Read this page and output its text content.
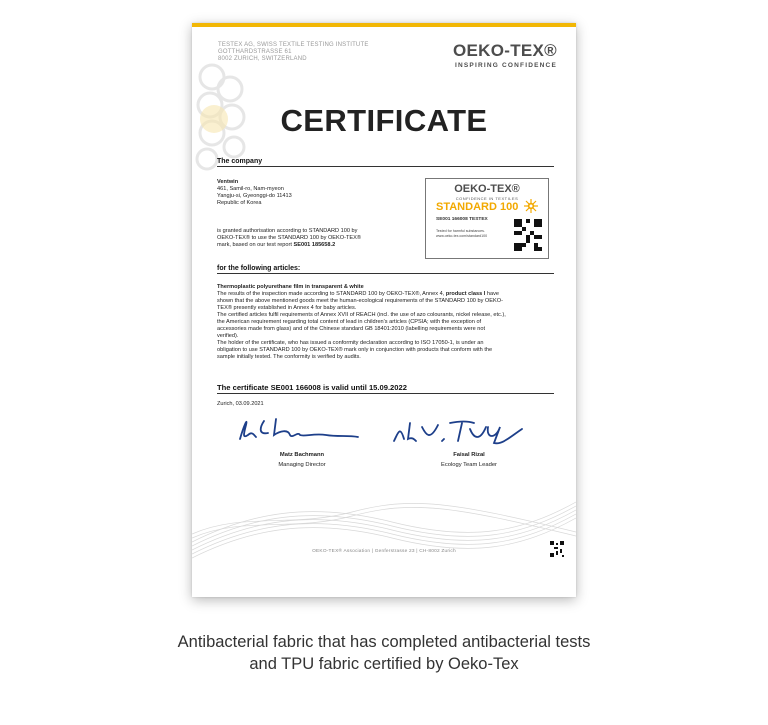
TESTEX AG, SWISS TEXTILE TESTING INSTITUTE
GOTTHARDSTRASSE 61
8002 ZURICH, SWITZERLAND	OEKO-TEX®
INSPIRING CONFIDENCE
CERTIFICATE
The company
Ventwin
461, Samil-ro, Nam-myeon
Yangju-si, Gyeonggi-do 11413
Republic of Korea
is granted authorisation according to STANDARD 100 by
OEKO-TEX® to use the STANDARD 100 by OEKO-TEX®
mark, based on our test report SE001 185658.2
OEKO-TEX®
CONFIDENCE IN TEXTILES
STANDARD 100
SE001 166008 TESTEX
Tested for harmful substances.
www.oeko-tex.com/standard100
for the following articles:
Thermoplastic polyurethane film in transparent & white
The results of the inspection made according to STANDARD 100 by OEKO-TEX®, Annex 4, product class I have
shown that the above mentioned goods meet the human-ecological requirements of the STANDARD 100 by OEKO-
TEX® presently established in Annex 4 for baby articles.
The certified articles fulfil requirements of Annex XVII of REACH (incl. the use of azo colourants, nickel release, etc.),
the American requirement regarding total content of lead in children's articles (CPSIA; with the exception of
accessories made from glass) and of the Chinese standard GB 18401:2010 (labelling requirements were not
verified).
The holder of the certificate, who has issued a conformity declaration according to ISO 17050-1, is under an
obligation to use STANDARD 100 by OEKO-TEX® mark only in conjunction with products that conform with the
sample initially tested. The conformity is verified by audits.
The certificate SE001 166008 is valid until 15.09.2022
Zurich, 03.09.2021
Matz Bachmann
Managing Director
Faisal Rizal
Ecology Team Leader
OEKO-TEX® Association | Genferstrasse 23 | CH-8002 Zurich
Antibacterial fabric that has completed antibacterial tests
and TPU fabric certified by Oeko-Tex
